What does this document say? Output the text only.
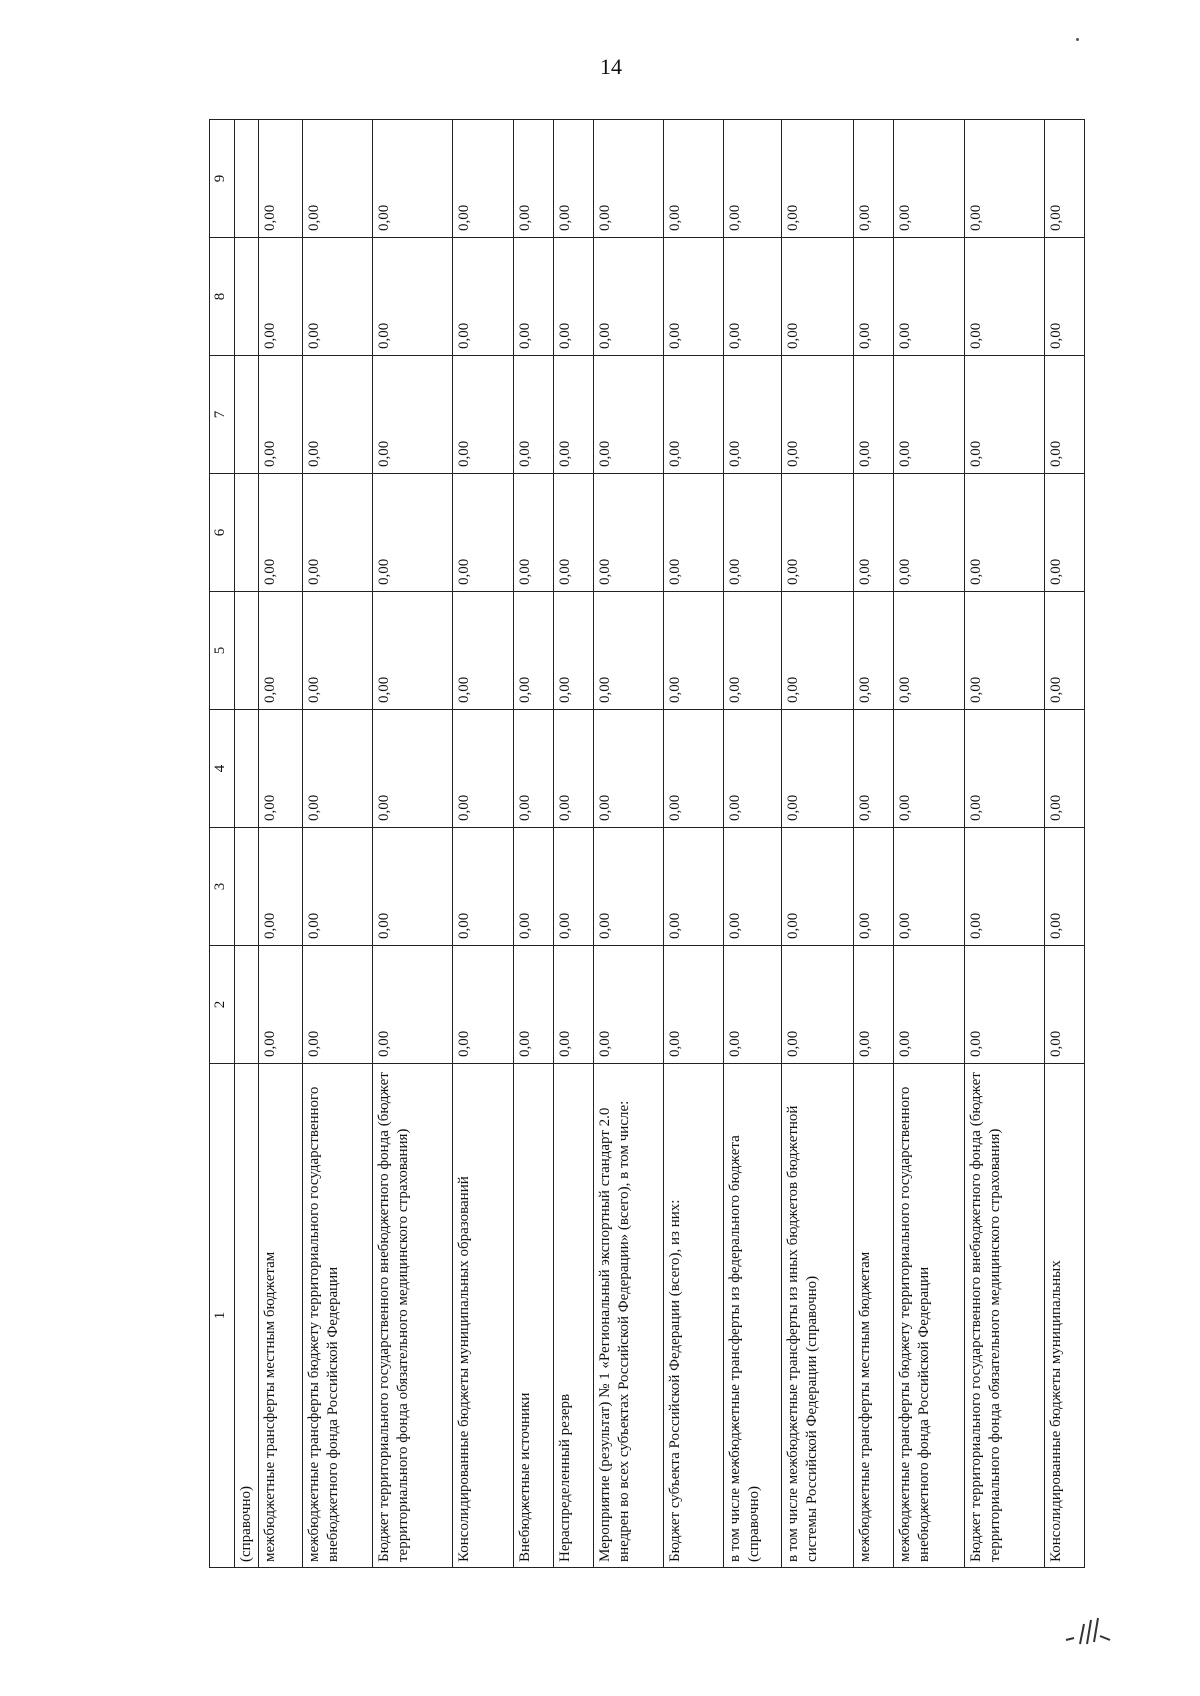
14
1	2	3	4	5	6	7	8	9
(справочно)								
межбюджетные трансферты местным бюджетам	0,00	0,00	0,00	0,00	0,00	0,00	0,00	0,00
межбюджетные трансферты бюджету территориального государственного внебюджетного фонда Российской Федерации	0,00	0,00	0,00	0,00	0,00	0,00	0,00	0,00
Бюджет территориального государственного внебюджетного фонда (бюджет территориального фонда обязательного медицинского страхования)	0,00	0,00	0,00	0,00	0,00	0,00	0,00	0,00
Консолидированные бюджеты муниципальных образований	0,00	0,00	0,00	0,00	0,00	0,00	0,00	0,00
Внебюджетные источники	0,00	0,00	0,00	0,00	0,00	0,00	0,00	0,00
Нераспределенный резерв	0,00	0,00	0,00	0,00	0,00	0,00	0,00	0,00
Мероприятие (результат) № 1 «Региональный экспортный стандарт 2.0 внедрен во всех субъектах Российской Федерации» (всего), в том числе:	0,00	0,00	0,00	0,00	0,00	0,00	0,00	0,00
Бюджет субъекта Российской Федерации (всего), из них:	0,00	0,00	0,00	0,00	0,00	0,00	0,00	0,00
в том числе межбюджетные трансферты из федерального бюджета (справочно)	0,00	0,00	0,00	0,00	0,00	0,00	0,00	0,00
в том числе межбюджетные трансферты из иных бюджетов бюджетной системы Российской Федерации (справочно)	0,00	0,00	0,00	0,00	0,00	0,00	0,00	0,00
межбюджетные трансферты местным бюджетам	0,00	0,00	0,00	0,00	0,00	0,00	0,00	0,00
межбюджетные трансферты бюджету территориального государственного внебюджетного фонда Российской Федерации	0,00	0,00	0,00	0,00	0,00	0,00	0,00	0,00
Бюджет территориального государственного внебюджетного фонда (бюджет территориального фонда обязательного медицинского страхования)	0,00	0,00	0,00	0,00	0,00	0,00	0,00	0,00
Консолидированные бюджеты муниципальных	0,00	0,00	0,00	0,00	0,00	0,00	0,00	0,00
